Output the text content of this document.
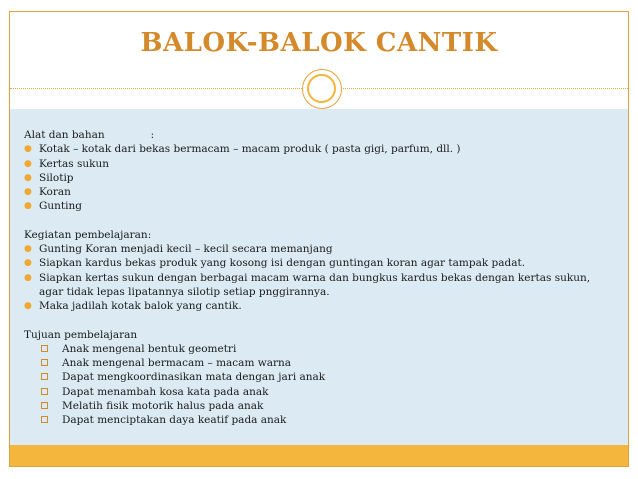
BALOK-BALOK CANTIK
Alat dan bahan	:
● Kotak – kotak dari bekas bermacam – macam produk ( pasta gigi, parfum, dll. )
● Kertas sukun
● Silotip
● Koran
● Gunting
Kegiatan pembelajaran:
● Gunting Koran menjadi kecil – kecil secara memanjang
● Siapkan kardus bekas produk yang kosong isi dengan guntingan koran agar tampak padat.
● Siapkan kertas sukun dengan berbagai macam warna dan bungkus kardus bekas dengan kertas sukun,
agar tidak lepas lipatannya silotip setiap pnggirannya.
● Maka jadilah kotak balok yang cantik.
Tujuan pembelajaran
Anak mengenal bentuk geometri
Anak mengenal bermacam – macam warna
Dapat mengkoordinasikan mata dengan jari anak
Dapat menambah kosa kata pada anak
Melatih fisik motorik halus pada anak
Dapat menciptakan daya keatif pada anak
